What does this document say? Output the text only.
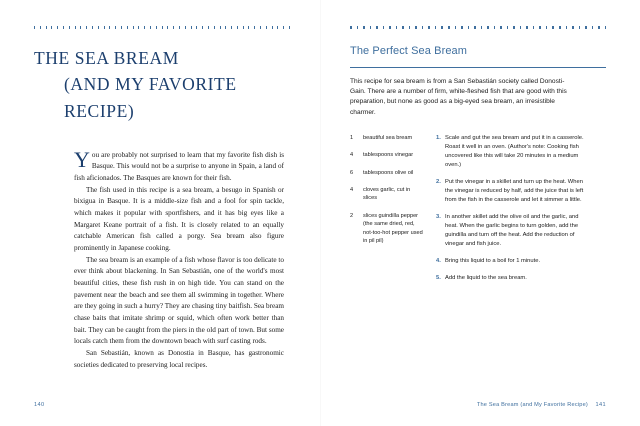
THE SEA BREAM
(AND MY FAVORITE RECIPE)

You are probably not surprised to learn that my favorite fish dish is Basque. This would not be a surprise to anyone in Spain, a land of fish aficionados. The Basques are known for their fish.

The fish used in this recipe is a sea bream, a besugo in Spanish or bixigua in Basque. It is a middle-size fish and a fool for spin tackle, which makes it popular with sportfishers, and it has big eyes like a Margaret Keane portrait of a fish. It is closely related to an equally catchable American fish called a porgy. Sea bream also figure prominently in Japanese cooking.

The sea bream is an example of a fish whose flavor is too delicate to ever think about blackening. In San Sebastián, one of the world's most beautiful cities, these fish rush in on high tide. You can stand on the pavement near the beach and see them all swimming in together. Where are they going in such a hurry? They are chasing tiny baitfish. Sea bream chase baits that imitate shrimp or squid, which often work better than bait. They can be caught from the piers in the old part of town. But some locals catch them from the downtown beach with surf casting rods.

San Sebastián, known as Donostia in Basque, has gastronomic societies dedicated to preserving local recipes.

140
The Perfect Sea Bream
This recipe for sea bream is from a San Sebastián society called Donosti-Gain. There are a number of firm, white-fleshed fish that are good with this preparation, but none as good as a big-eyed sea bream, an irresistible charmer.
1	beautiful sea bream
4	tablespoons vinegar
6	tablespoons olive oil
4	cloves garlic, cut in slices
2	slices guindilla pepper (the same dried, red, not-too-hot pepper used in pil pil)
1. Scale and gut the sea bream and put it in a casserole. Roast it well in an oven. (Author's note: Cooking fish uncovered like this will take 20 minutes in a medium oven.)
2. Put the vinegar in a skillet and turn up the heat. When the vinegar is reduced by half, add the juice that is left from the fish in the casserole and let it simmer a little.
3. In another skillet add the olive oil and the garlic, and heat. When the garlic begins to turn golden, add the guindilla and turn off the heat. Add the reduction of vinegar and fish juice.
4. Bring this liquid to a boil for 1 minute.
5. Add the liquid to the sea bream.
The Sea Bream (and My Favorite Recipe) 141
